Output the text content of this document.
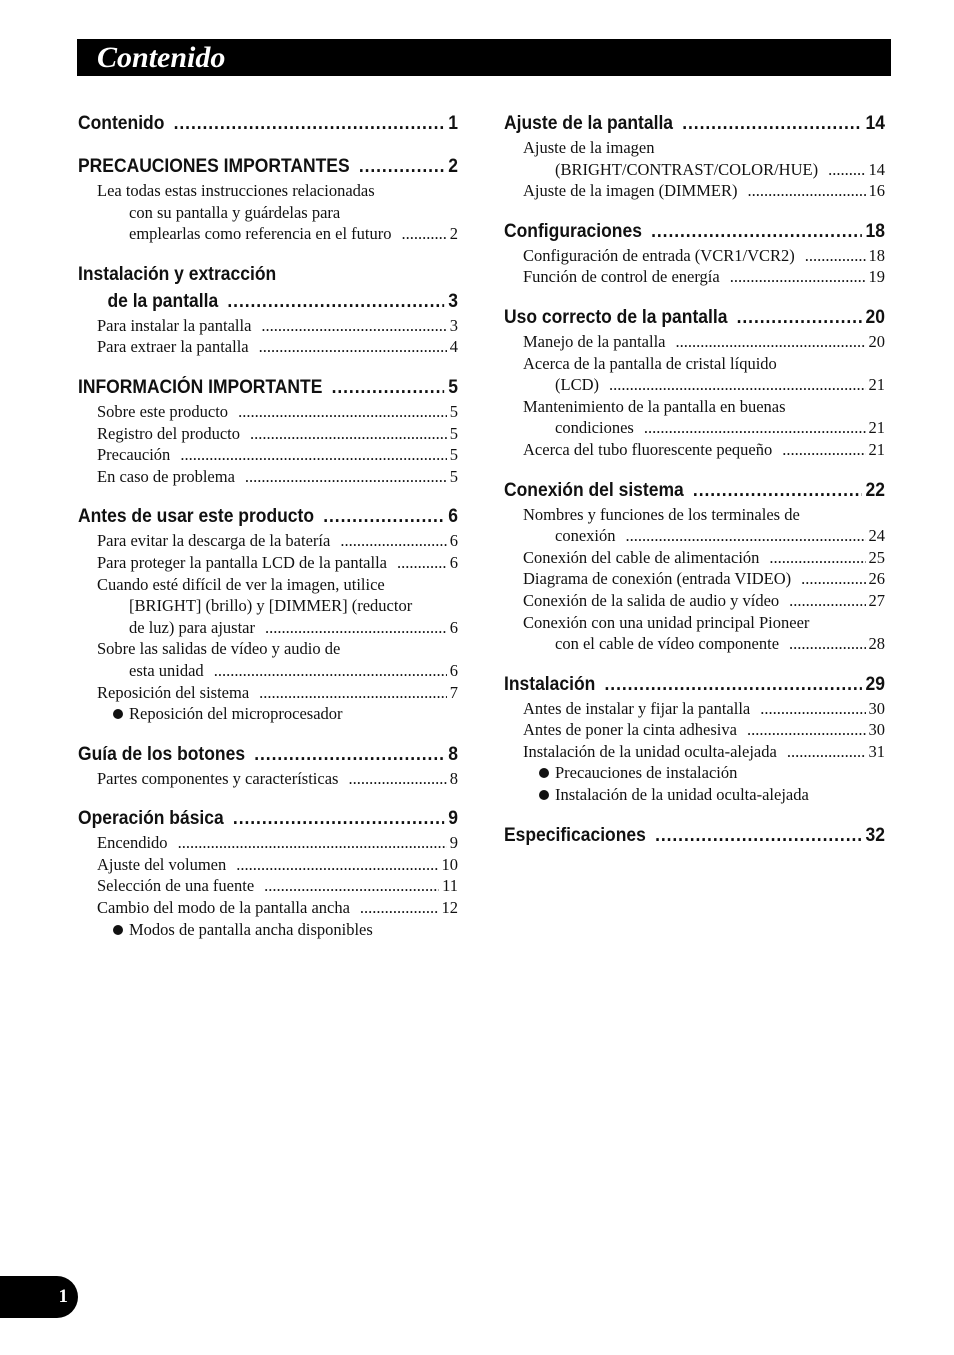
Contenido
Contenido .....	1
PRECAUCIONES IMPORTANTES .....	2
Lea todas estas instrucciones relacionadas
con su pantalla y guárdelas para
emplearlas como referencia en el futuro .....	2
Instalación y extracción
de la pantalla .....	3
Para instalar la pantalla .....	3
Para extraer la pantalla .....	4
INFORMACIÓN IMPORTANTE .....	5
Sobre este producto .....	5
Registro del producto .....	5
Precaución .....	5
En caso de problema .....	5
Antes de usar este producto .....	6
Para evitar la descarga de la batería .....	6
Para proteger la pantalla LCD de la pantalla .....	6
Cuando esté difícil de ver la imagen, utilice
[BRIGHT] (brillo) y [DIMMER] (reductor
de luz) para ajustar .....	6
Sobre las salidas de vídeo y audio de
esta unidad .....	6
Reposición del sistema .....	7
Reposición del microprocesador
Guía de los botones .....	8
Partes componentes y características .....	8
Operación básica .....	9
Encendido .....	9
Ajuste del volumen .....	10
Selección de una fuente .....	11
Cambio del modo de la pantalla ancha .....	12
Modos de pantalla ancha disponibles
Ajuste de la pantalla .....	14
Ajuste de la imagen
(BRIGHT/CONTRAST/COLOR/HUE) .....	14
Ajuste de la imagen (DIMMER) .....	16
Configuraciones .....	18
Configuración de entrada (VCR1/VCR2) .....	18
Función de control de energía .....	19
Uso correcto de la pantalla .....	20
Manejo de la pantalla .....	20
Acerca de la pantalla de cristal líquido
(LCD) .....	21
Mantenimiento de la pantalla en buenas
condiciones .....	21
Acerca del tubo fluorescente pequeño .....	21
Conexión del sistema .....	22
Nombres y funciones de los terminales de
conexión .....	24
Conexión del cable de alimentación .....	25
Diagrama de conexión (entrada VIDEO) .....	26
Conexión de la salida de audio y vídeo .....	27
Conexión con una unidad principal Pioneer
con el cable de vídeo componente .....	28
Instalación .....	29
Antes de instalar y fijar la pantalla .....	30
Antes de poner la cinta adhesiva .....	30
Instalación de la unidad oculta-alejada .....	31
Precauciones de instalación
Instalación de la unidad oculta-alejada
Especificaciones .....	32
1
